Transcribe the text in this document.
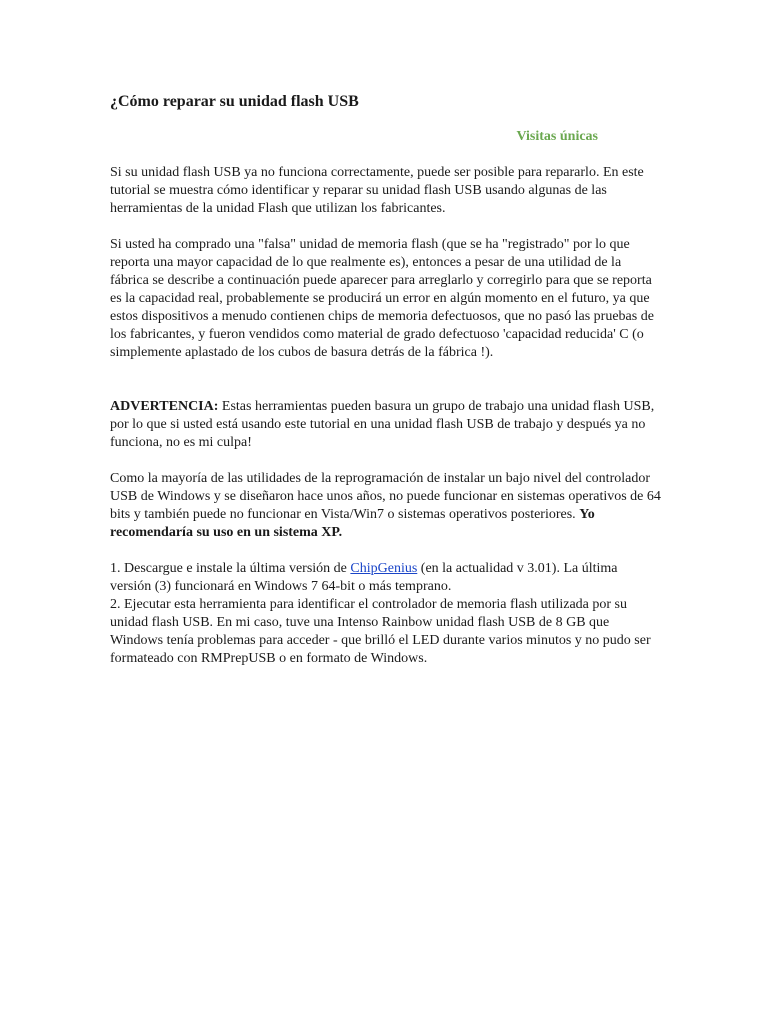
¿Cómo reparar su unidad flash USB
Visitas únicas

Si su unidad flash USB ya no funciona correctamente, puede ser posible para repararlo. En este tutorial se muestra cómo identificar y reparar su unidad flash USB usando algunas de las herramientas de la unidad Flash que utilizan los fabricantes.

Si usted ha comprado una "falsa" unidad de memoria flash (que se ha "registrado" por lo que reporta una mayor capacidad de lo que realmente es), entonces a pesar de una utilidad de la fábrica se describe a continuación puede aparecer para arreglarlo y corregirlo para que se reporta es la capacidad real, probablemente se producirá un error en algún momento en el futuro, ya que estos dispositivos a menudo contienen chips de memoria defectuosos, que no pasó las pruebas de los fabricantes, y fueron vendidos como material de grado defectuoso 'capacidad reducida' C (o simplemente aplastado de los cubos de basura detrás de la fábrica !).

ADVERTENCIA: Estas herramientas pueden basura un grupo de trabajo una unidad flash USB, por lo que si usted está usando este tutorial en una unidad flash USB de trabajo y después ya no funciona, no es mi culpa!

Como la mayoría de las utilidades de la reprogramación de instalar un bajo nivel del controlador USB de Windows y se diseñaron hace unos años, no puede funcionar en sistemas operativos de 64 bits y también puede no funcionar en Vista/Win7 o sistemas operativos posteriores. Yo recomendaría su uso en un sistema XP.

1. Descargue e instale la última versión de ChipGenius (en la actualidad v 3.01). La última versión (3) funcionará en Windows 7 64-bit o más temprano.

2. Ejecutar esta herramienta para identificar el controlador de memoria flash utilizada por su unidad flash USB. En mi caso, tuve una Intenso Rainbow unidad flash USB de 8 GB que Windows tenía problemas para acceder - que brilló el LED durante varios minutos y no pudo ser formateado con RMPrepUSB o en formato de Windows.
